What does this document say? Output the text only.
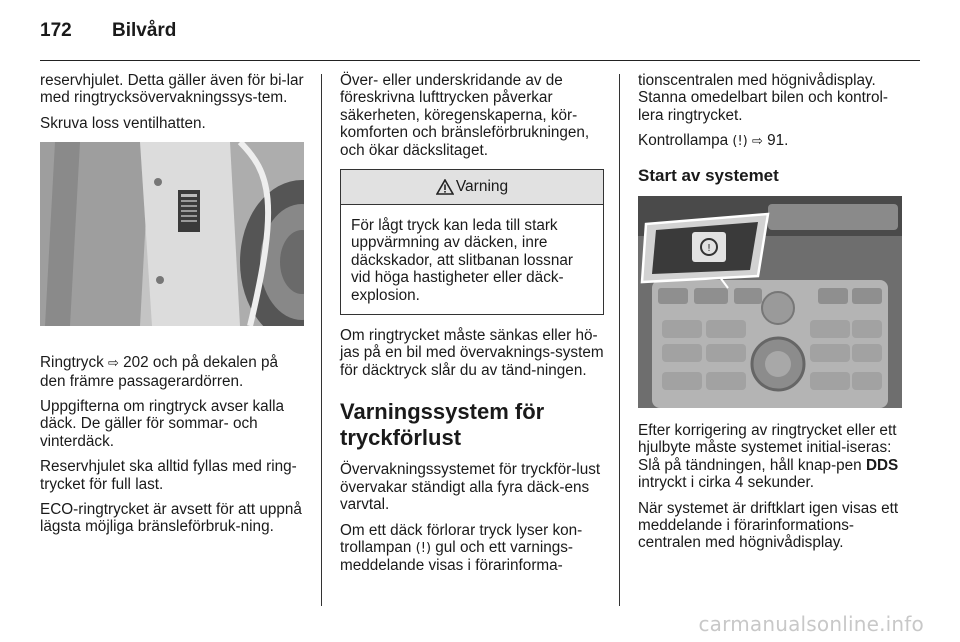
172	Bilvård

reservhjulet. Detta gäller även för bi-lar med ringtrycksövervakningssys-tem.

Skruva loss ventilhatten.

Ringtryck ⇨ 202 och på dekalen på den främre passagerardörren.

Uppgifterna om ringtryck avser kalla däck. De gäller för sommar- och vinterdäck.

Reservhjulet ska alltid fyllas med ring-trycket för full last.

ECO-ringtrycket är avsett för att uppnå lägsta möjliga bränsleförbruk-ning.

Över- eller underskridande av de föreskrivna lufttrycken påverkar säkerheten, köregenskaperna, kör-komforten och bränsleförbrukningen, och ökar däckslitaget.

Varning
För lågt tryck kan leda till stark uppvärmning av däcken, inre däckskador, att slitbanan lossnar vid höga hastigheter eller däck-explosion.

Om ringtrycket måste sänkas eller hö-jas på en bil med övervaknings-system för däcktryck slår du av tänd-ningen.

Varningssystem för tryckförlust

Övervakningssystemet för tryckför-lust övervakar ständigt alla fyra däck-ens varvtal.

Om ett däck förlorar tryck lyser kon-trollampan (!) gul och ett varnings-meddelande visas i förarinforma-

tionscentralen med högnivådisplay. Stanna omedelbart bilen och kontrol-lera ringtrycket.

Kontrollampa (!) ⇨ 91.

Start av systemet
!

Efter korrigering av ringtrycket eller ett hjulbyte måste systemet initial-iseras: Slå på tändningen, håll knap-pen DDS intryckt i cirka 4 sekunder.

När systemet är driftklart igen visas ett meddelande i förarinformations-centralen med högnivådisplay.

carmanualsonline.info
